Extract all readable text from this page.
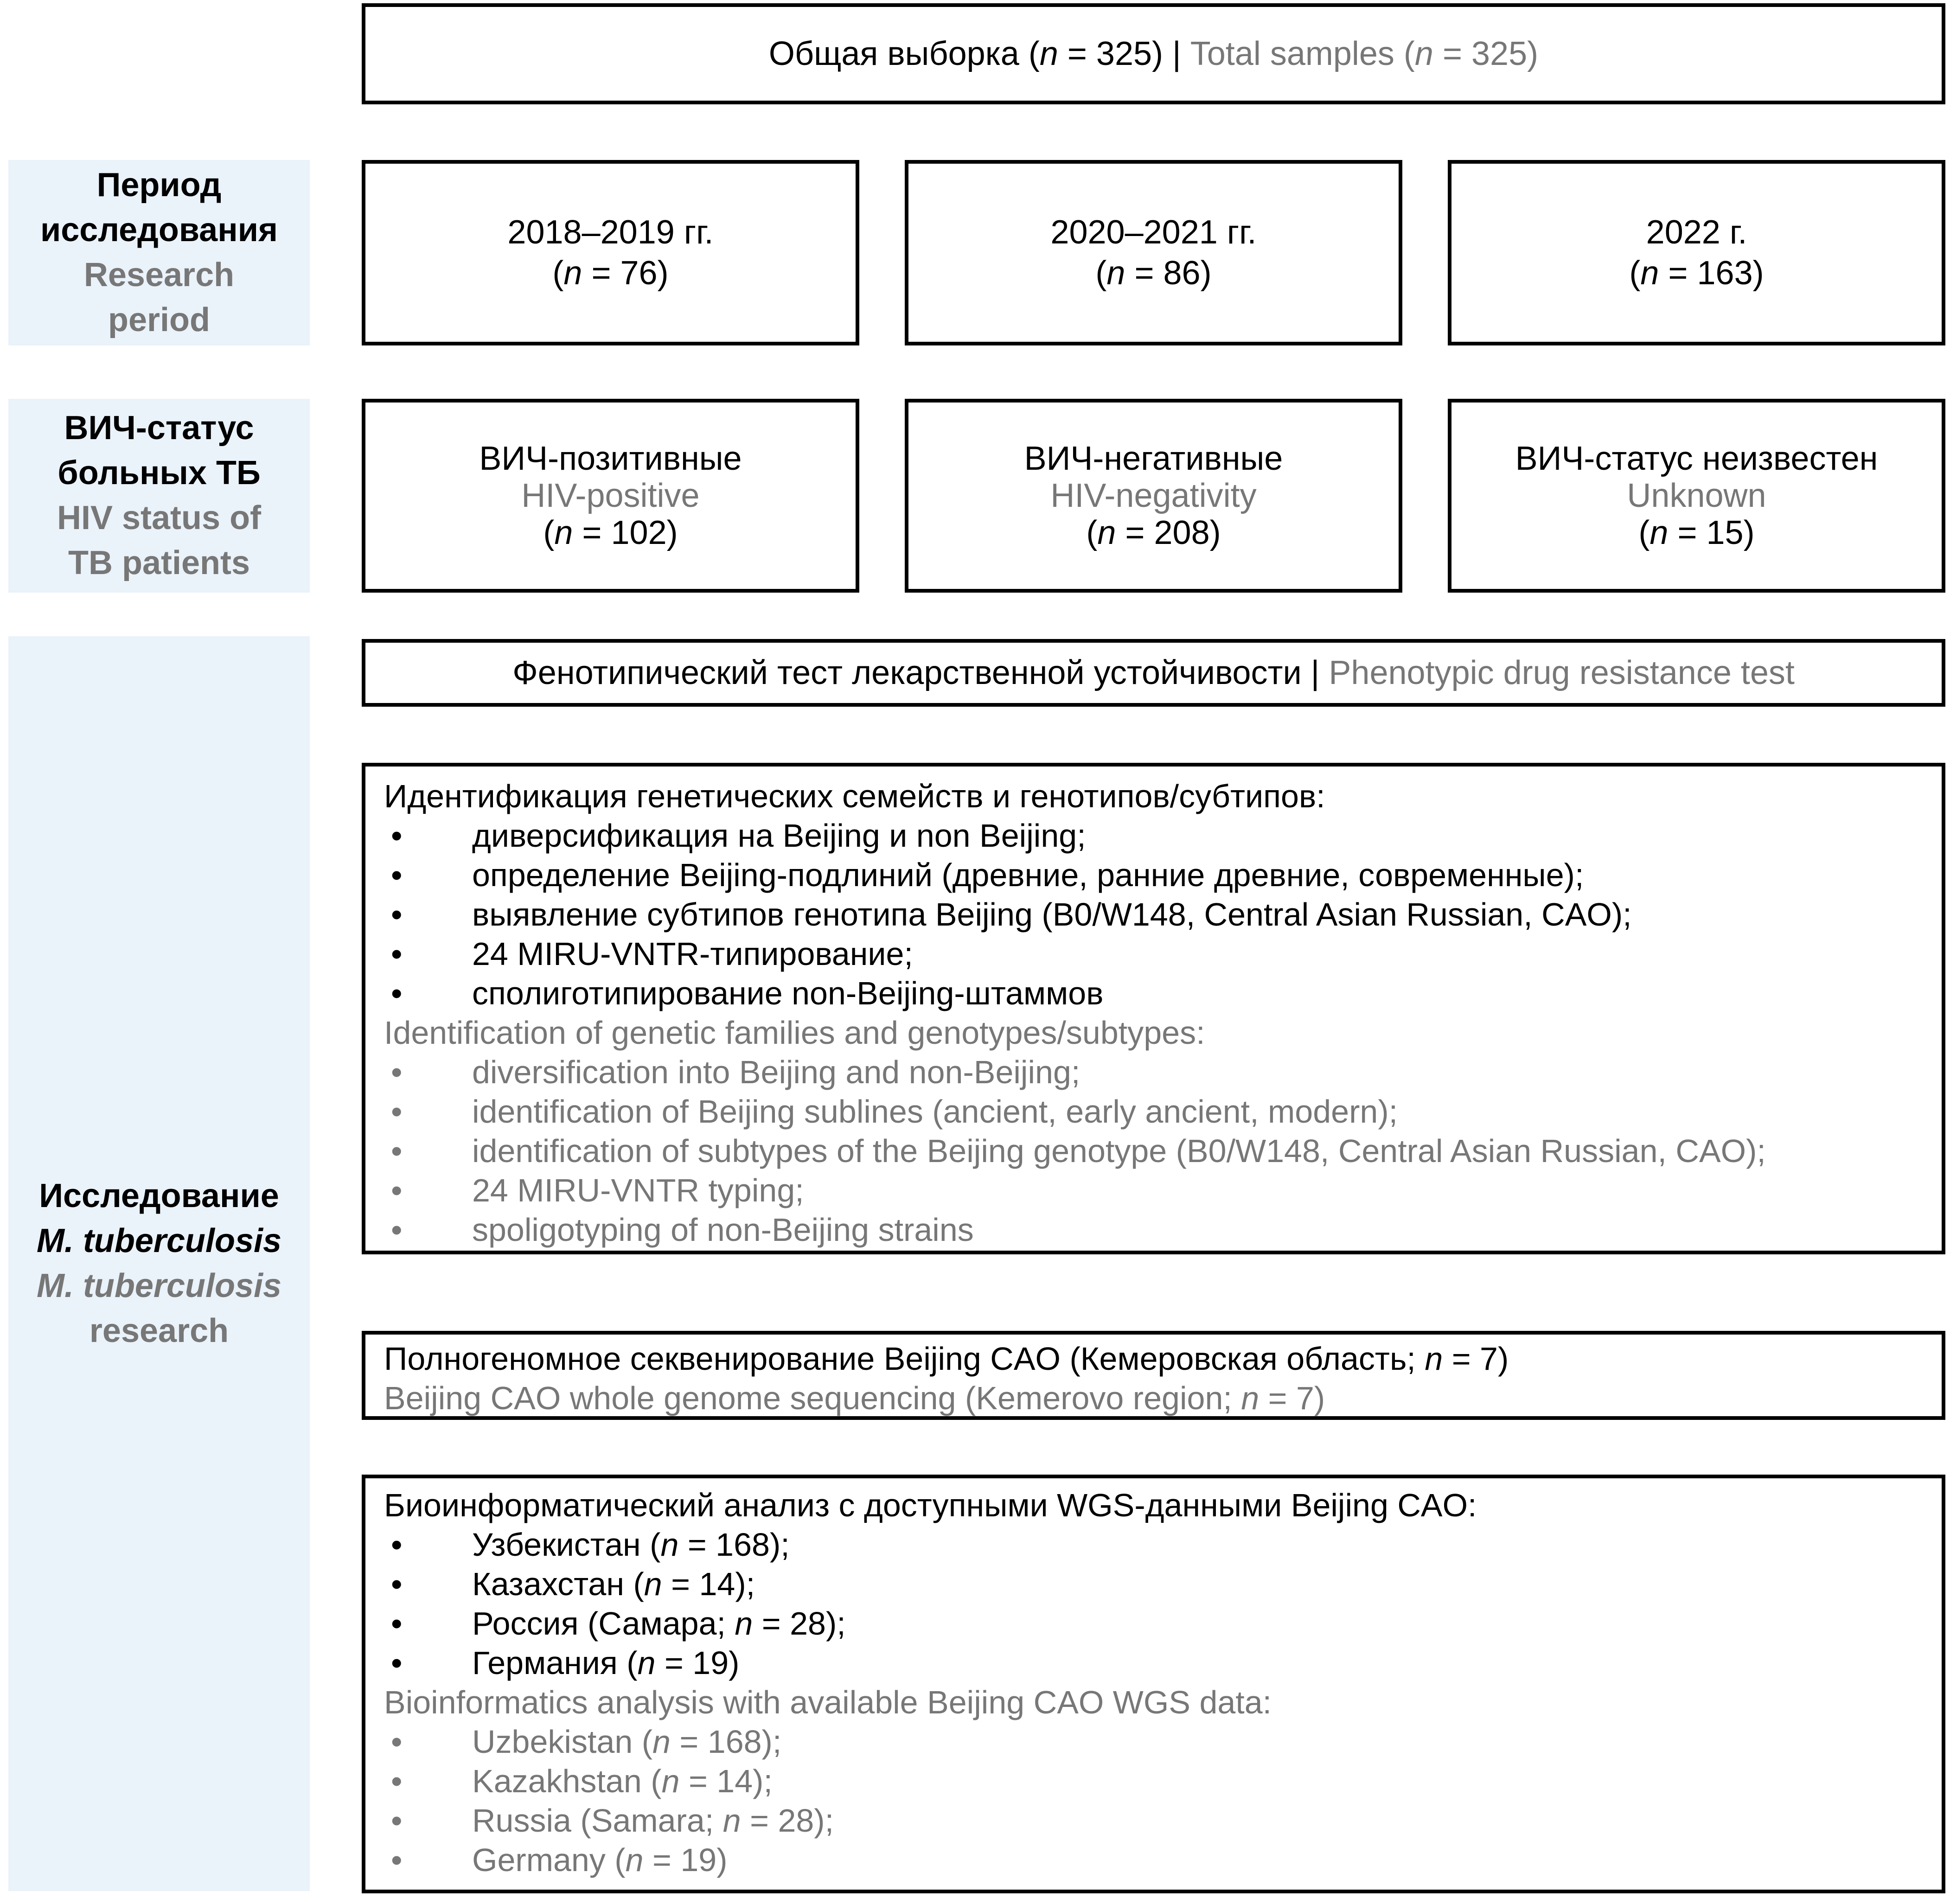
Общая выборка (n = 325) | Total samples (n = 325)
Период
исследования
Research
period
2018–2019 гг.
(n = 76)
2020–2021 гг.
(n = 86)
2022 г.
(n = 163)
ВИЧ-статус
больных ТБ
HIV status of
TB patients
ВИЧ-позитивные
HIV-positive
(n = 102)
ВИЧ-негативные
HIV-negativity
(n = 208)
ВИЧ-статус неизвестен
Unknown
(n = 15)
Исследование
M. tuberculosis
M. tuberculosis
research
Фенотипический тест лекарственной устойчивости | Phenotypic drug resistance test
Идентификация генетических семейств и генотипов/субтипов:
• диверсификация на Beijing и non Beijing;
• определение Beijing-подлиний (древние, ранние древние, современные);
• выявление субтипов генотипа Beijing (B0/W148, Central Asian Russian, CAO);
• 24 MIRU-VNTR-типирование;
• сполиготипирование non-Beijing-штаммов
Identification of genetic families and genotypes/subtypes:
• diversification into Beijing and non-Beijing;
• identification of Beijing sublines (ancient, early ancient, modern);
• identification of subtypes of the Beijing genotype (B0/W148, Central Asian Russian, CAO);
• 24 MIRU-VNTR typing;
• spoligotyping of non-Beijing strains
Полногеномное секвенирование Beijing CAO (Кемеровская область; n = 7)
Beijing CAO whole genome sequencing (Kemerovo region; n = 7)
Биоинформатический анализ с доступными WGS-данными Beijing CAO:
• Узбекистан (n = 168);
• Казахстан (n = 14);
• Россия (Самара; n = 28);
• Германия (n = 19)
Bioinformatics analysis with available Beijing CAO WGS data:
• Uzbekistan (n = 168);
• Kazakhstan (n = 14);
• Russia (Samara; n = 28);
• Germany (n = 19)
